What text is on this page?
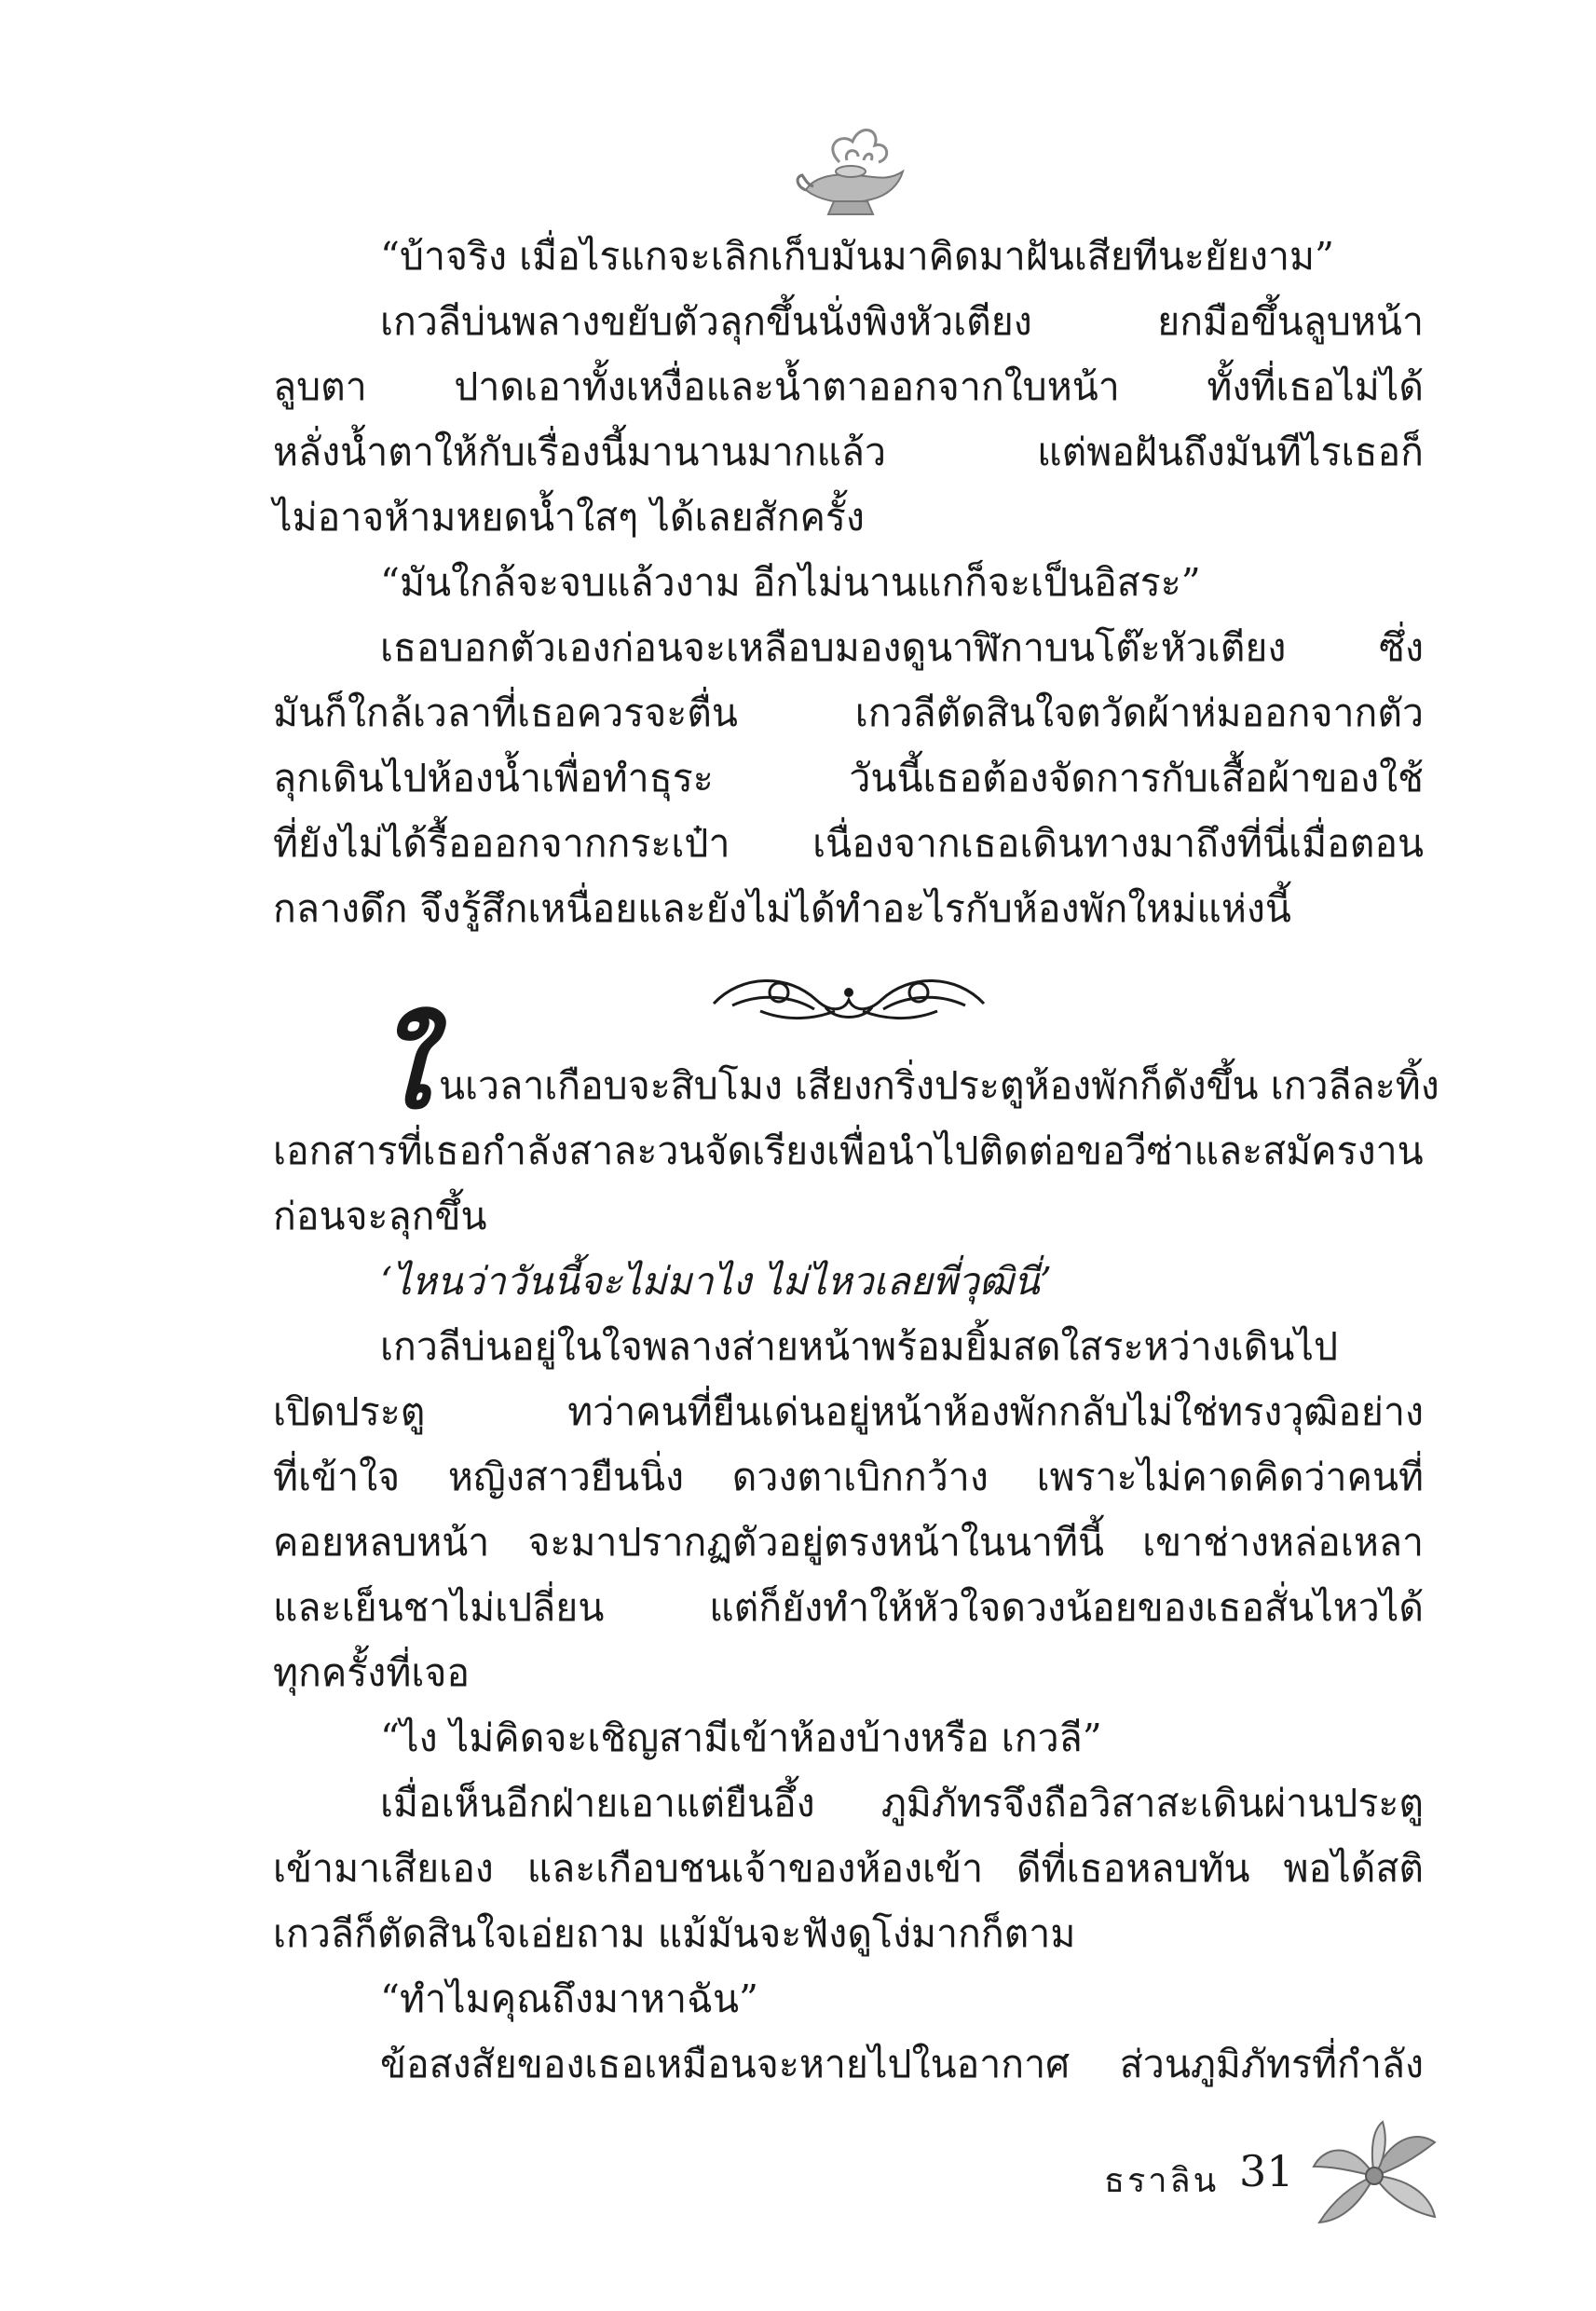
“บ้าจริง เมื่อไรแกจะเลิกเก็บมันมาคิดมาฝันเสียทีนะยัยงาม”
เกวลีบ่นพลางขยับตัวลุกขึ้นนั่งพิงหัวเตียง ยกมือขึ้นลูบหน้า
ลูบตา ปาดเอาทั้งเหงื่อและน้ำตาออกจากใบหน้า ทั้งที่เธอไม่ได้
หลั่งน้ำตาให้กับเรื่องนี้มานานมากแล้ว แต่พอฝันถึงมันทีไรเธอก็
ไม่อาจห้ามหยดน้ำใสๆ ได้เลยสักครั้ง
“มันใกล้จะจบแล้วงาม อีกไม่นานแกก็จะเป็นอิสระ”
เธอบอกตัวเองก่อนจะเหลือบมองดูนาฬิกาบนโต๊ะหัวเตียง ซึ่ง
มันก็ใกล้เวลาที่เธอควรจะตื่น เกวลีตัดสินใจตวัดผ้าห่มออกจากตัว
ลุกเดินไปห้องน้ำเพื่อทำธุระ วันนี้เธอต้องจัดการกับเสื้อผ้าของใช้
ที่ยังไม่ได้รื้อออกจากกระเป๋า เนื่องจากเธอเดินทางมาถึงที่นี่เมื่อตอน
กลางดึก จึงรู้สึกเหนื่อยและยังไม่ได้ทำอะไรกับห้องพักใหม่แห่งนี้
ใ นเวลาเกือบจะสิบโมง เสียงกริ่งประตูห้องพักก็ดังขึ้น เกวลีละทิ้ง
เอกสารที่เธอกำลังสาละวนจัดเรียงเพื่อนำไปติดต่อขอวีซ่าและสมัครงาน
ก่อนจะลุกขึ้น
‘ไหนว่าวันนี้จะไม่มาไง ไม่ไหวเลยพี่วุฒินี่’
เกวลีบ่นอยู่ในใจพลางส่ายหน้าพร้อมยิ้มสดใสระหว่างเดินไป
เปิดประตู ทว่าคนที่ยืนเด่นอยู่หน้าห้องพักกลับไม่ใช่ทรงวุฒิอย่าง
ที่เข้าใจ หญิงสาวยืนนิ่ง ดวงตาเบิกกว้าง เพราะไม่คาดคิดว่าคนที่
คอยหลบหน้า จะมาปรากฏตัวอยู่ตรงหน้าในนาทีนี้ เขาช่างหล่อเหลา
และเย็นชาไม่เปลี่ยน แต่ก็ยังทำให้หัวใจดวงน้อยของเธอสั่นไหวได้
ทุกครั้งที่เจอ
“ไง ไม่คิดจะเชิญสามีเข้าห้องบ้างหรือ เกวลี”
เมื่อเห็นอีกฝ่ายเอาแต่ยืนอึ้ง ภูมิภัทรจึงถือวิสาสะเดินผ่านประตู
เข้ามาเสียเอง และเกือบชนเจ้าของห้องเข้า ดีที่เธอหลบทัน พอได้สติ
เกวลีก็ตัดสินใจเอ่ยถาม แม้มันจะฟังดูโง่มากก็ตาม
“ทำไมคุณถึงมาหาฉัน”
ข้อสงสัยของเธอเหมือนจะหายไปในอากาศ ส่วนภูมิภัทรที่กำลัง
ธราลิน 31
